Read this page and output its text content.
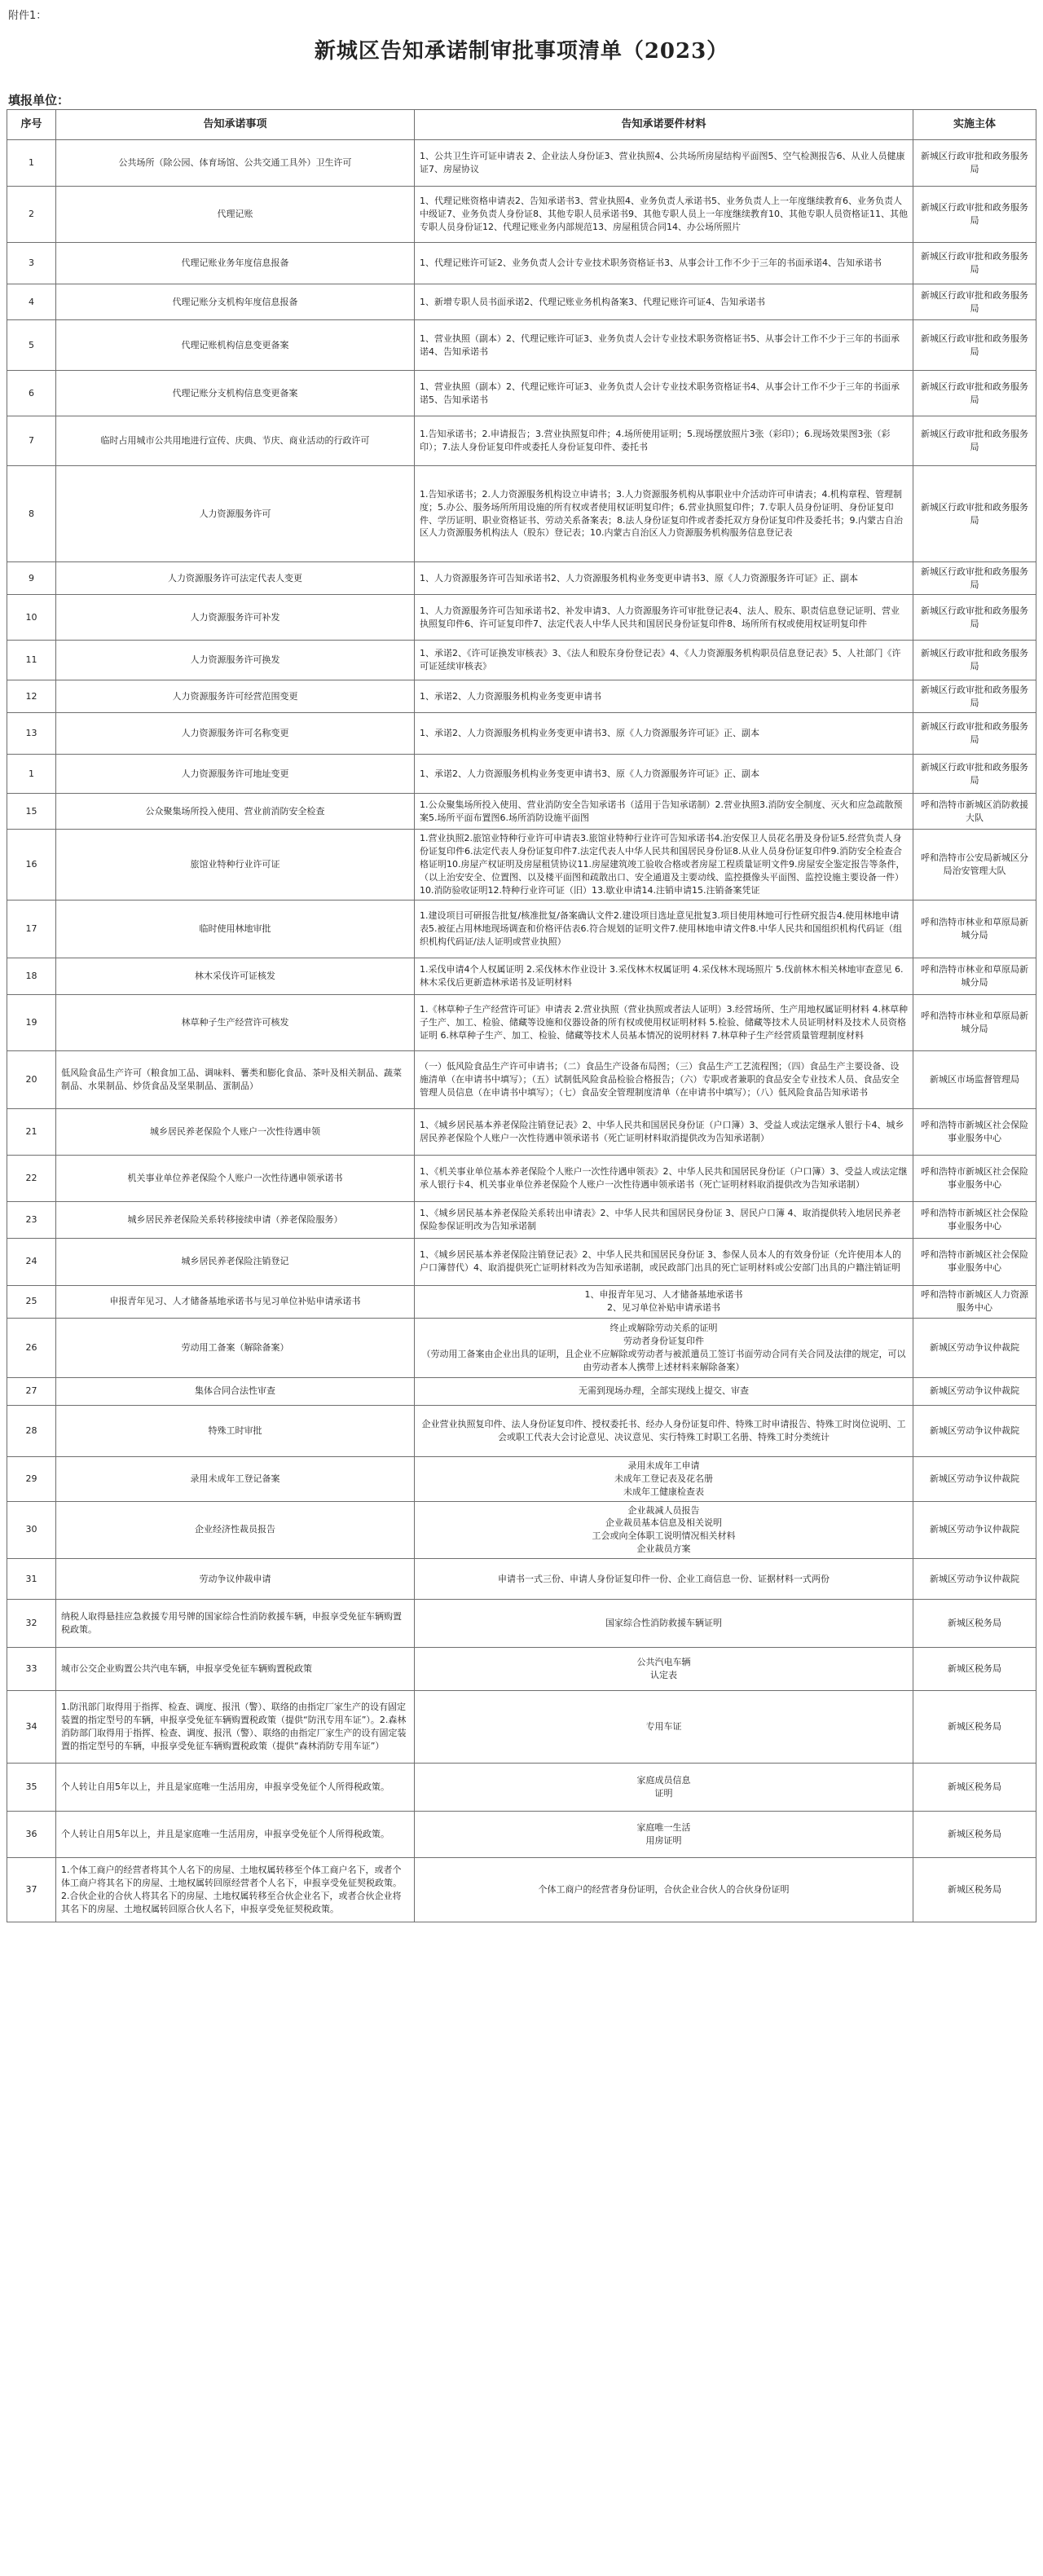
附件1：
新城区告知承诺制审批事项清单（2023）
填报单位：
序号	告知承诺事项	告知承诺要件材料	实施主体
1	公共场所（除公园、体育场馆、公共交通工具外）卫生许可	1、公共卫生许可证申请表 2、企业法人身份证3、营业执照4、公共场所房屋结构平面图5、空气检测报告6、从业人员健康证7、房屋协议	新城区行政审批和政务服务局
2	代理记账	1、代理记账资格申请表2、告知承诺书3、营业执照4、业务负责人承诺书5、业务负责人上一年度继续教育6、业务负责人中级证7、业务负责人身份证8、其他专职人员承诺书9、其他专职人员上一年度继续教育10、其他专职人员资格证11、其他专职人员身份证12、代理记账业务内部规范13、房屋租赁合同14、办公场所照片	新城区行政审批和政务服务局
3	代理记账业务年度信息报备	1、代理记账许可证2、业务负责人会计专业技术职务资格证书3、从事会计工作不少于三年的书面承诺4、告知承诺书	新城区行政审批和政务服务局
4	代理记账分支机构年度信息报备	1、新增专职人员书面承诺2、代理记账业务机构备案3、代理记账许可证4、告知承诺书	新城区行政审批和政务服务局
5	代理记账机构信息变更备案	1、营业执照（副本）2、代理记账许可证3、业务负责人会计专业技术职务资格证书5、从事会计工作不少于三年的书面承诺4、告知承诺书	新城区行政审批和政务服务局
6	代理记账分支机构信息变更备案	1、营业执照（副本）2、代理记账许可证3、业务负责人会计专业技术职务资格证书4、从事会计工作不少于三年的书面承诺5、告知承诺书	新城区行政审批和政务服务局
7	临时占用城市公共用地进行宣传、庆典、节庆、商业活动的行政许可	1.告知承诺书；2.申请报告；3.营业执照复印件；4.场所使用证明；5.现场摆放照片3张（彩印）；6.现场效果图3张（彩印）；7.法人身份证复印件或委托人身份证复印件、委托书	新城区行政审批和政务服务局
8	人力资源服务许可	1.告知承诺书；2.人力资源服务机构设立申请书；3.人力资源服务机构从事职业中介活动许可申请表；4.机构章程、管理制度；5.办公、服务场所所用设施的所有权或者使用权证明复印件；6.营业执照复印件；7.专职人员身份证明、身份证复印件、学历证明、职业资格证书、劳动关系备案表；8.法人身份证复印件或者委托双方身份证复印件及委托书；9.内蒙古自治区人力资源服务机构法人（股东）登记表；10.内蒙古自治区人力资源服务机构服务信息登记表	新城区行政审批和政务服务局
9	人力资源服务许可法定代表人变更	1、人力资源服务许可告知承诺书2、人力资源服务机构业务变更申请书3、原《人力资源服务许可证》正、副本	新城区行政审批和政务服务局
10	人力资源服务许可补发	1、人力资源服务许可告知承诺书2、补发申请3、人力资源服务许可审批登记表4、法人、股东、职责信息登记证明、营业执照复印件6、许可证复印件7、法定代表人中华人民共和国居民身份证复印件8、场所所有权或使用权证明复印件	新城区行政审批和政务服务局
11	人力资源服务许可换发	1、承诺2、《许可证换发审核表》3、《法人和股东身份登记表》4、《人力资源服务机构职员信息登记表》5、人社部门《许可证延续审核表》	新城区行政审批和政务服务局
12	人力资源服务许可经营范围变更	1、承诺2、人力资源服务机构业务变更申请书	新城区行政审批和政务服务局
13	人力资源服务许可名称变更	1、承诺2、人力资源服务机构业务变更申请书3、原《人力资源服务许可证》正、副本	新城区行政审批和政务服务局
1	人力资源服务许可地址变更	1、承诺2、人力资源服务机构业务变更申请书3、原《人力资源服务许可证》正、副本	新城区行政审批和政务服务局
15	公众聚集场所投入使用、营业前消防安全检查	1.公众聚集场所投入使用、营业消防安全告知承诺书（适用于告知承诺制）2.营业执照3.消防安全制度、灭火和应急疏散预案5.场所平面布置图6.场所消防设施平面图	呼和浩特市新城区消防救援大队
16	旅馆业特种行业许可证	1.营业执照2.旅馆业特种行业许可申请表3.旅馆业特种行业许可告知承诺书4.治安保卫人员花名册及身份证5.经营负责人身份证复印件6.法定代表人身份证复印件7.法定代表人中华人民共和国居民身份证8.从业人员身份证复印件9.消防安全检查合格证明10.房屋产权证明及房屋租赁协议11.房屋建筑竣工验收合格或者房屋工程质量证明文件9.房屋安全鉴定报告等条件，（以上治安安全、位置图、以及楼平面图和疏散出口、安全通道及主要动线、监控摄像头平面图、监控设施主要设备一件）10.消防验收证明12.特种行业许可证（旧）13.歇业申请14.注销申请15.注销备案凭证	呼和浩特市公安局新城区分局治安管理大队
17	临时使用林地审批	1.建设项目可研报告批复/核准批复/备案确认文件2.建设项目选址意见批复3.项目使用林地可行性研究报告4.使用林地申请表5.被征占用林地现场调查和价格评估表6.符合规划的证明文件7.使用林地申请文件8.中华人民共和国组织机构代码证（组织机构代码证/法人证明或营业执照）	呼和浩特市林业和草原局新城分局
18	林木采伐许可证核发	1.采伐申请4个人权属证明 2.采伐林木作业设计 3.采伐林木权属证明 4.采伐林木现场照片 5.伐前林木相关林地审查意见 6.林木采伐后更新造林承诺书及证明材料	呼和浩特市林业和草原局新城分局
19	林草种子生产经营许可核发	1.《林草种子生产经营许可证》申请表 2.营业执照（营业执照或者法人证明）3.经营场所、生产用地权属证明材料 4.林草种子生产、加工、检验、储藏等设施和仪器设备的所有权或使用权证明材料 5.检验、储藏等技术人员证明材料及技术人员资格证明 6.林草种子生产、加工、检验、储藏等技术人员基本情况的说明材料 7.林草种子生产经营质量管理制度材料	呼和浩特市林业和草原局新城分局
20	低风险食品生产许可（粮食加工品、调味料、薯类和膨化食品、茶叶及相关制品、蔬菜制品、水果制品、炒货食品及坚果制品、蛋制品）	（一）低风险食品生产许可申请书；（二）食品生产设备布局图；（三）食品生产工艺流程图；（四）食品生产主要设备、设施清单（在申请书中填写）；（五）试制低风险食品检验合格报告；（六）专职或者兼职的食品安全专业技术人员、食品安全管理人员信息（在申请书中填写）；（七）食品安全管理制度清单（在申请书中填写）；（八）低风险食品告知承诺书	新城区市场监督管理局
21	城乡居民养老保险个人账户一次性待遇申领	1、《城乡居民基本养老保险注销登记表》2、中华人民共和国居民身份证（户口簿）3、受益人或法定继承人银行卡4、城乡居民养老保险个人账户一次性待遇申领承诺书（死亡证明材料取消提供改为告知承诺制）	呼和浩特市新城区社会保险事业服务中心
22	机关事业单位养老保险个人账户一次性待遇申领承诺书	1、《机关事业单位基本养老保险个人账户一次性待遇申领表》2、中华人民共和国居民身份证（户口簿）3、受益人或法定继承人银行卡4、机关事业单位养老保险个人账户一次性待遇申领承诺书（死亡证明材料取消提供改为告知承诺制）	呼和浩特市新城区社会保险事业服务中心
23	城乡居民养老保险关系转移接续申请（养老保险服务）	1、《城乡居民基本养老保险关系转出申请表》2、中华人民共和国居民身份证 3、居民户口簿 4、取消提供转入地居民养老保险参保证明改为告知承诺制	呼和浩特市新城区社会保险事业服务中心
24	城乡居民养老保险注销登记	1、《城乡居民基本养老保险注销登记表》2、中华人民共和国居民身份证 3、参保人员本人的有效身份证（允许使用本人的户口簿替代）4、取消提供死亡证明材料改为告知承诺制，或民政部门出具的死亡证明材料或公安部门出具的户籍注销证明	呼和浩特市新城区社会保险事业服务中心
25	申报青年见习、人才储备基地承诺书与见习单位补贴申请承诺书	1、申报青年见习、人才储备基地承诺书
2、见习单位补贴申请承诺书	呼和浩特市新城区人力资源服务中心
26	劳动用工备案（解除备案）	终止或解除劳动关系的证明
劳动者身份证复印件
（劳动用工备案由企业出具的证明，且企业不应解除或劳动者与被派遣员工签订书面劳动合同有关合同及法律的规定，可以由劳动者本人携带上述材料来解除备案）	新城区劳动争议仲裁院
27	集体合同合法性审查	无需到现场办理，全部实现线上提交、审查	新城区劳动争议仲裁院
28	特殊工时审批	企业营业执照复印件、法人身份证复印件、授权委托书、经办人身份证复印件、特殊工时申请报告、特殊工时岗位说明、工会或职工代表大会讨论意见、决议意见、实行特殊工时职工名册、特殊工时分类统计	新城区劳动争议仲裁院
29	录用未成年工登记备案	录用未成年工申请
未成年工登记表及花名册
未成年工健康检查表	新城区劳动争议仲裁院
30	企业经济性裁员报告	企业裁减人员报告
企业裁员基本信息及相关说明
工会或向全体职工说明情况相关材料
企业裁员方案	新城区劳动争议仲裁院
31	劳动争议仲裁申请	申请书一式三份、申请人身份证复印件一份、企业工商信息一份、证据材料一式两份	新城区劳动争议仲裁院
32	纳税人取得悬挂应急救援专用号牌的国家综合性消防救援车辆，申报享受免征车辆购置税政策。	国家综合性消防救援车辆证明	新城区税务局
33	城市公交企业购置公共汽电车辆，申报享受免征车辆购置税政策	公共汽电车辆
认定表	新城区税务局
34	1.防汛部门取得用于指挥、检查、调度、报汛（警）、联络的由指定厂家生产的设有固定装置的指定型号的车辆，申报享受免征车辆购置税政策（提供“防汛专用车证”）。2.森林消防部门取得用于指挥、检查、调度、报汛（警）、联络的由指定厂家生产的设有固定装置的指定型号的车辆，申报享受免征车辆购置税政策（提供“森林消防专用车证”）	专用车证	新城区税务局
35	个人转让自用5年以上，并且是家庭唯一生活用房，申报享受免征个人所得税政策。	家庭成员信息
证明	新城区税务局
36	个人转让自用5年以上，并且是家庭唯一生活用房，申报享受免征个人所得税政策。	家庭唯一生活
用房证明	新城区税务局
37	1.个体工商户的经营者将其个人名下的房屋、土地权属转移至个体工商户名下，或者个体工商户将其名下的房屋、土地权属转回原经营者个人名下，申报享受免征契税政策。2.合伙企业的合伙人将其名下的房屋、土地权属转移至合伙企业名下，或者合伙企业将其名下的房屋、土地权属转回原合伙人名下，申报享受免征契税政策。	个体工商户的经营者身份证明，合伙企业合伙人的合伙身份证明	新城区税务局
